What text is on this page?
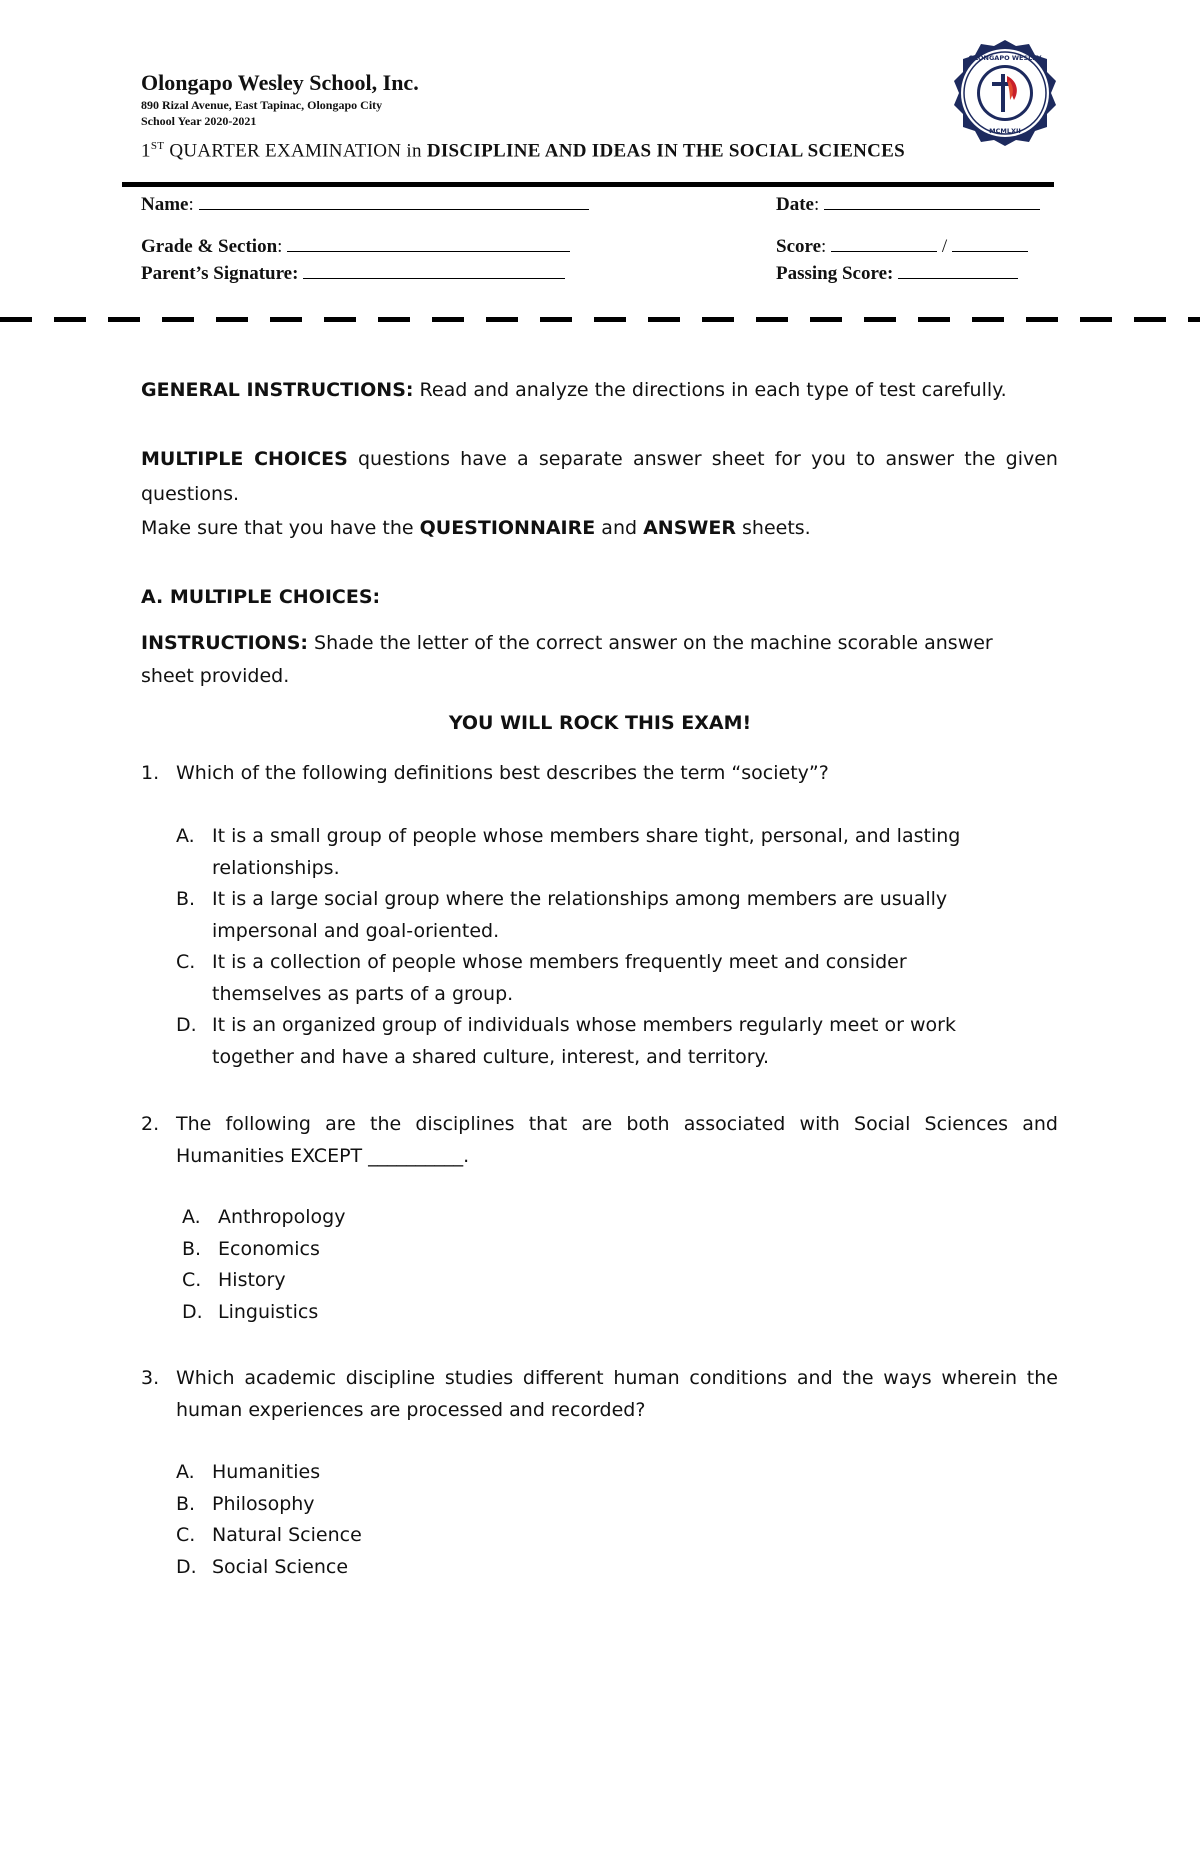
Olongapo Wesley School, Inc.
890 Rizal Avenue, East Tapinac, Olongapo City
School Year 2020-2021
1ST QUARTER EXAMINATION in DISCIPLINE AND IDEAS IN THE SOCIAL SCIENCES
OLONGAPO WESLEY
MCMLXII
Name:	Date:
Grade & Section:	Score:	/
Parent’s Signature:	Passing Score:
GENERAL INSTRUCTIONS: Read and analyze the directions in each type of test carefully.
MULTIPLE CHOICES questions have a separate answer sheet for you to answer the given questions.
Make sure that you have the QUESTIONNAIRE and ANSWER sheets.
A. MULTIPLE CHOICES:
INSTRUCTIONS: Shade the letter of the correct answer on the machine scorable answer sheet provided.
YOU WILL ROCK THIS EXAM!
1. Which of the following definitions best describes the term “society”?
A. It is a small group of people whose members share tight, personal, and lasting relationships.
B. It is a large social group where the relationships among members are usually impersonal and goal-oriented.
C. It is a collection of people whose members frequently meet and consider themselves as parts of a group.
D. It is an organized group of individuals whose members regularly meet or work together and have a shared culture, interest, and territory.
2. The following are the disciplines that are both associated with Social Sciences and Humanities EXCEPT __________.
A. Anthropology
B. Economics
C. History
D. Linguistics
3. Which academic discipline studies different human conditions and the ways wherein the human experiences are processed and recorded?
A. Humanities
B. Philosophy
C. Natural Science
D. Social Science
